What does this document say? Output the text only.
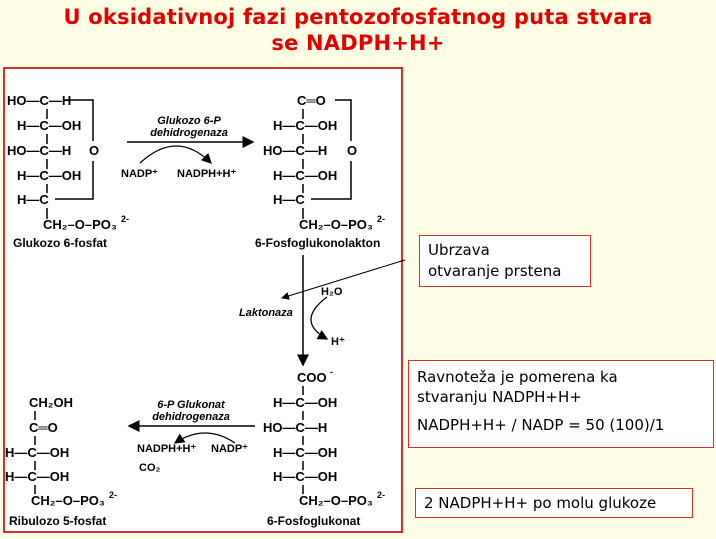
U oksidativnoj fazi pentozofosfatnog puta stvara
se NADPH+H+
HO—C—H
H—C—OH
HO—C—H
H—C—OH
H—C
O
CH₂–O–PO₃ 2-
Glukozo 6-fosfat
Glukozo 6-P
dehidrogenaza
NADP⁺ NADPH+H⁺
C═O
H—C—OH
HO—C—H
H—C—OH
H—C
O
CH₂–O–PO₃ 2-
6-Fosfoglukonolakton
H₂O
H⁺
Laktonaza
COO -
H—C—OH
HO—C—H
H—C—OH
H—C—OH
CH₂–O–PO₃ 2-
6-Fosfoglukonat
6-P Glukonat
dehidrogenaza
NADPH+H⁺ NADP⁺
CO₂
CH₂OH
C═O
H—C—OH
H—C—OH
CH₂–O–PO₃ 2-
Ribulozo 5-fosfat
Ubrzava
otvaranje prstena
Ravnoteža je pomerena ka
stvaranju NADPH+H+
NADPH+H+ / NADP = 50 (100)/1
2 NADPH+H+ po molu glukoze
